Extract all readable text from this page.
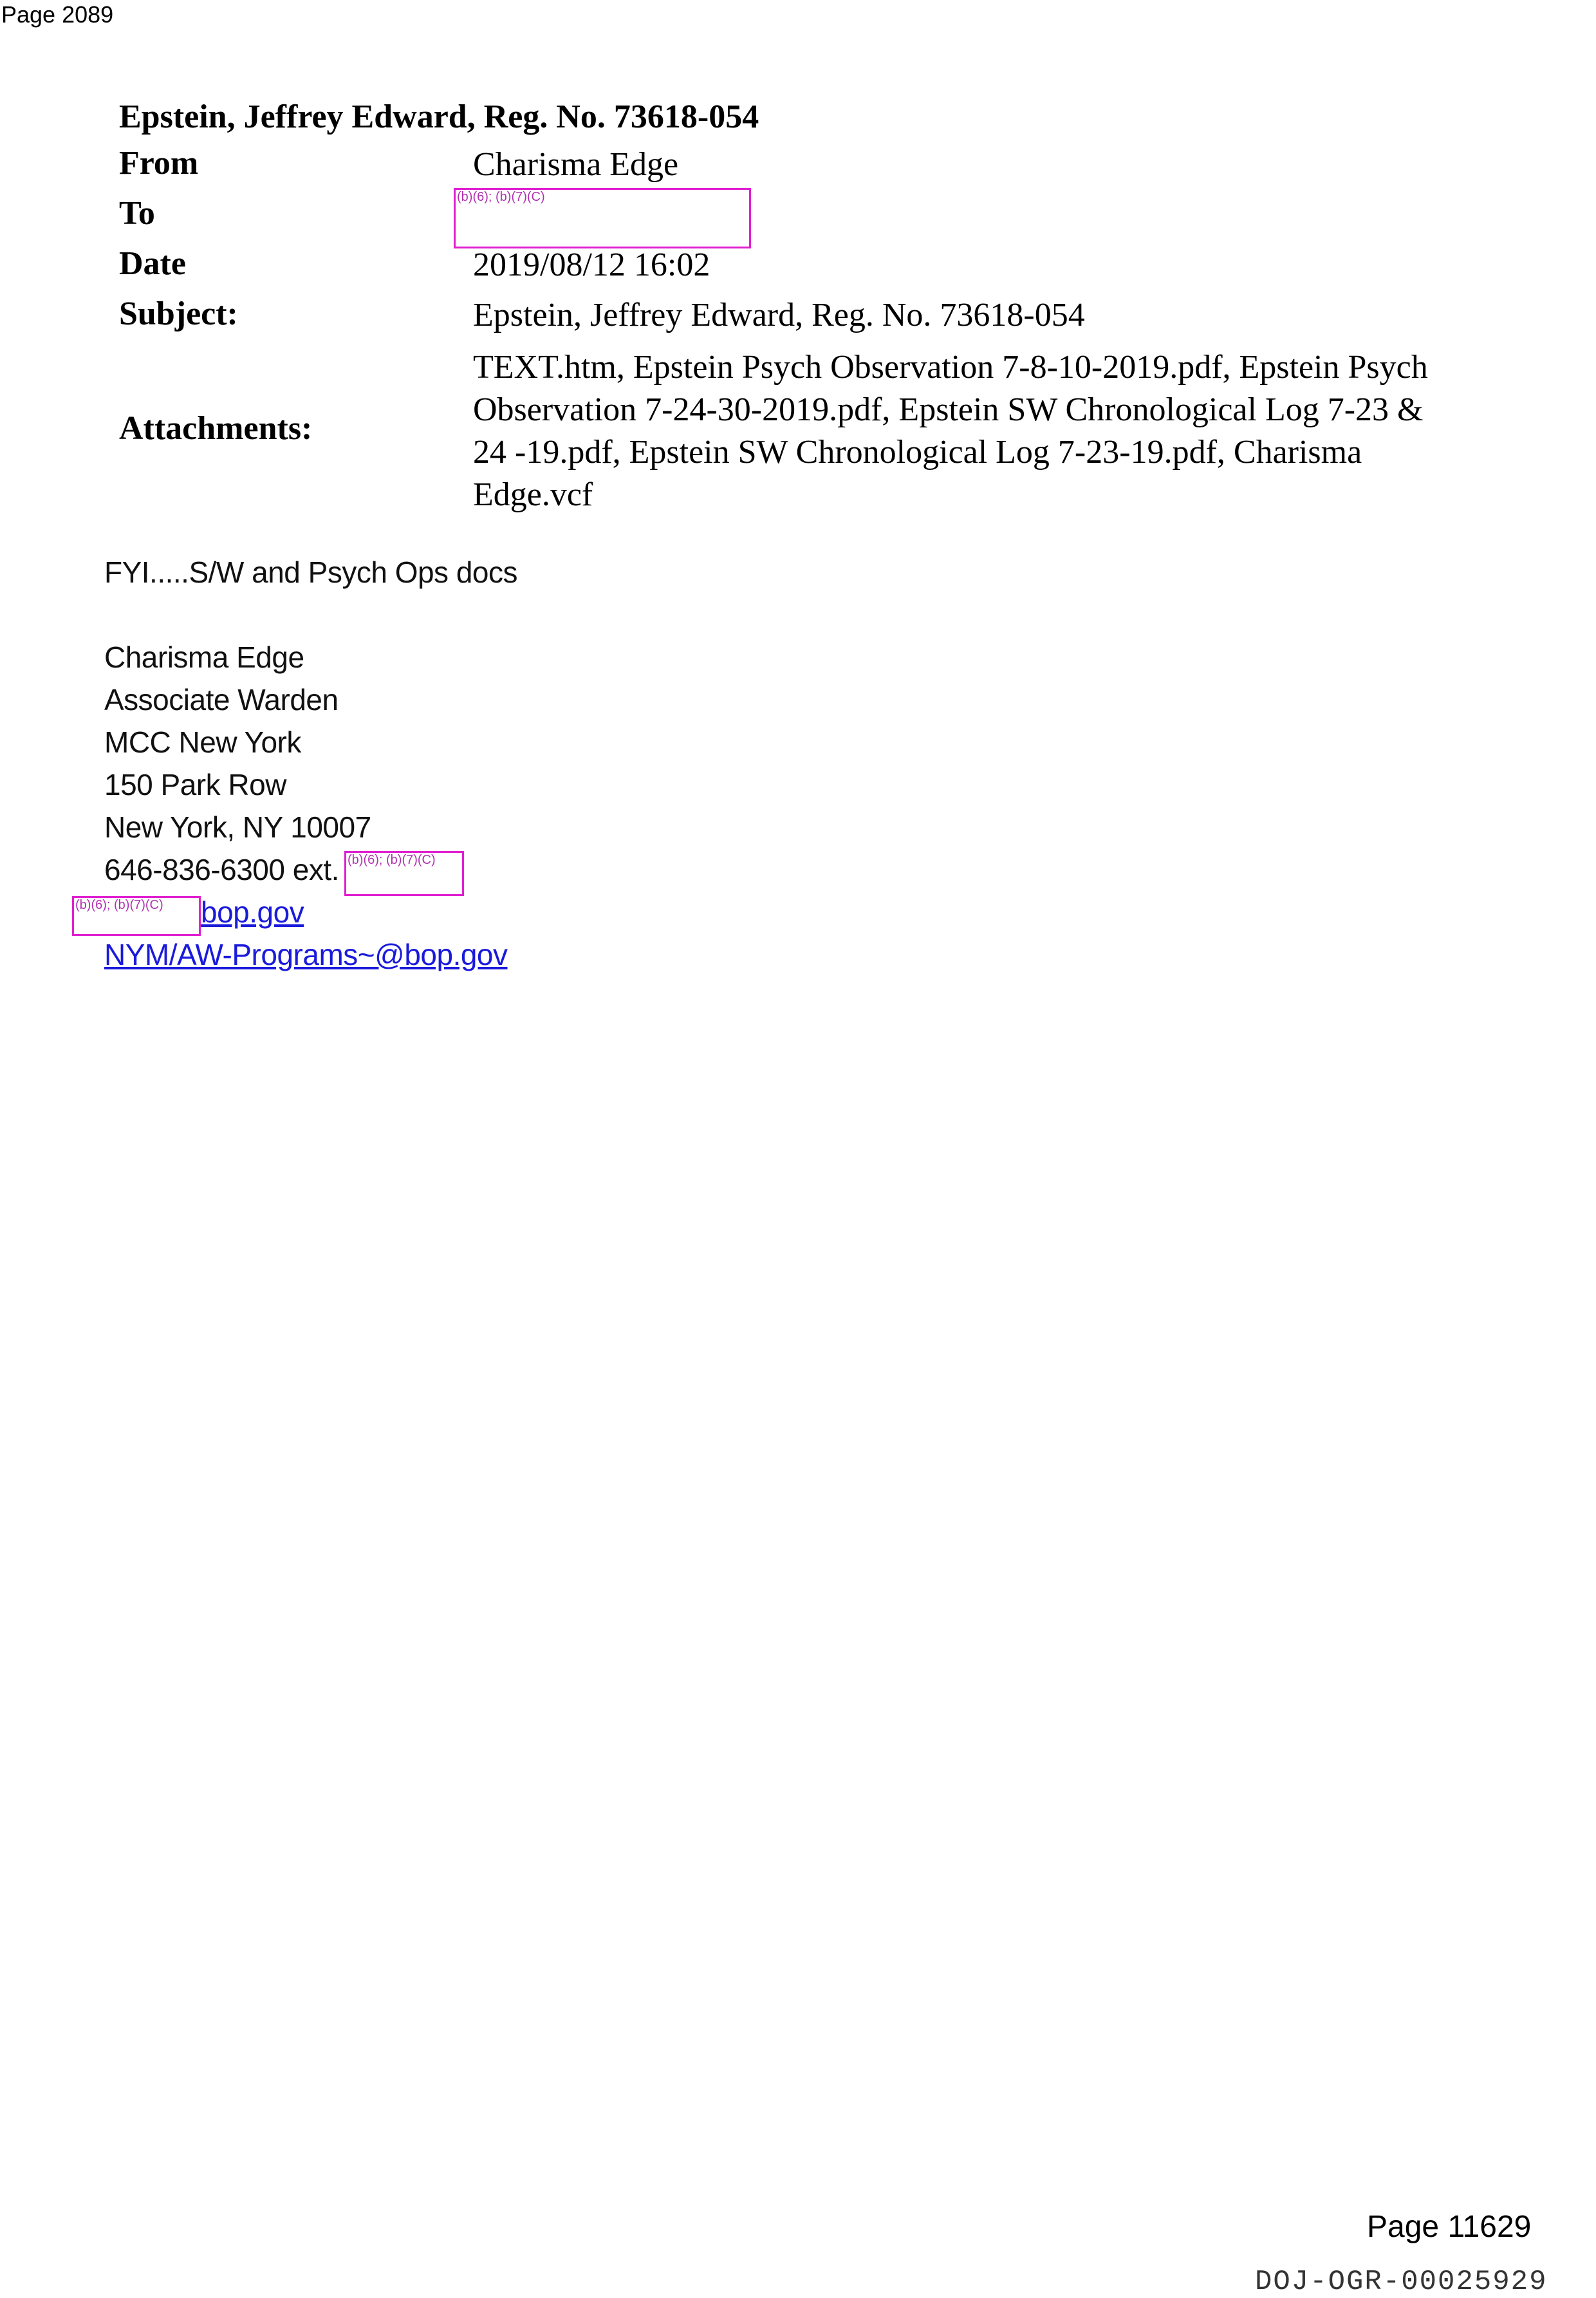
Page 2089
Epstein, Jeffrey Edward, Reg. No. 73618-054
From	Charisma Edge
To	(b)(6); (b)(7)(C)
Date	2019/08/12 16:02
Subject:	Epstein, Jeffrey Edward, Reg. No. 73618-054
Attachments:
TEXT.htm, Epstein Psych Observation 7-8-10-2019.pdf, Epstein Psych
Observation 7-24-30-2019.pdf, Epstein SW Chronological Log 7-23 &
24 -19.pdf, Epstein SW Chronological Log 7-23-19.pdf, Charisma
Edge.vcf
FYI.....S/W and Psych Ops docs
Charisma Edge
Associate Warden
MCC New York
150 Park Row
New York, NY 10007
646-836-6300 ext. (b)(6); (b)(7)(C)
(b)(6); (b)(7)(C)	bop.gov
NYM/AW-Programs~@bop.gov
Page 11629
DOJ-OGR-00025929
